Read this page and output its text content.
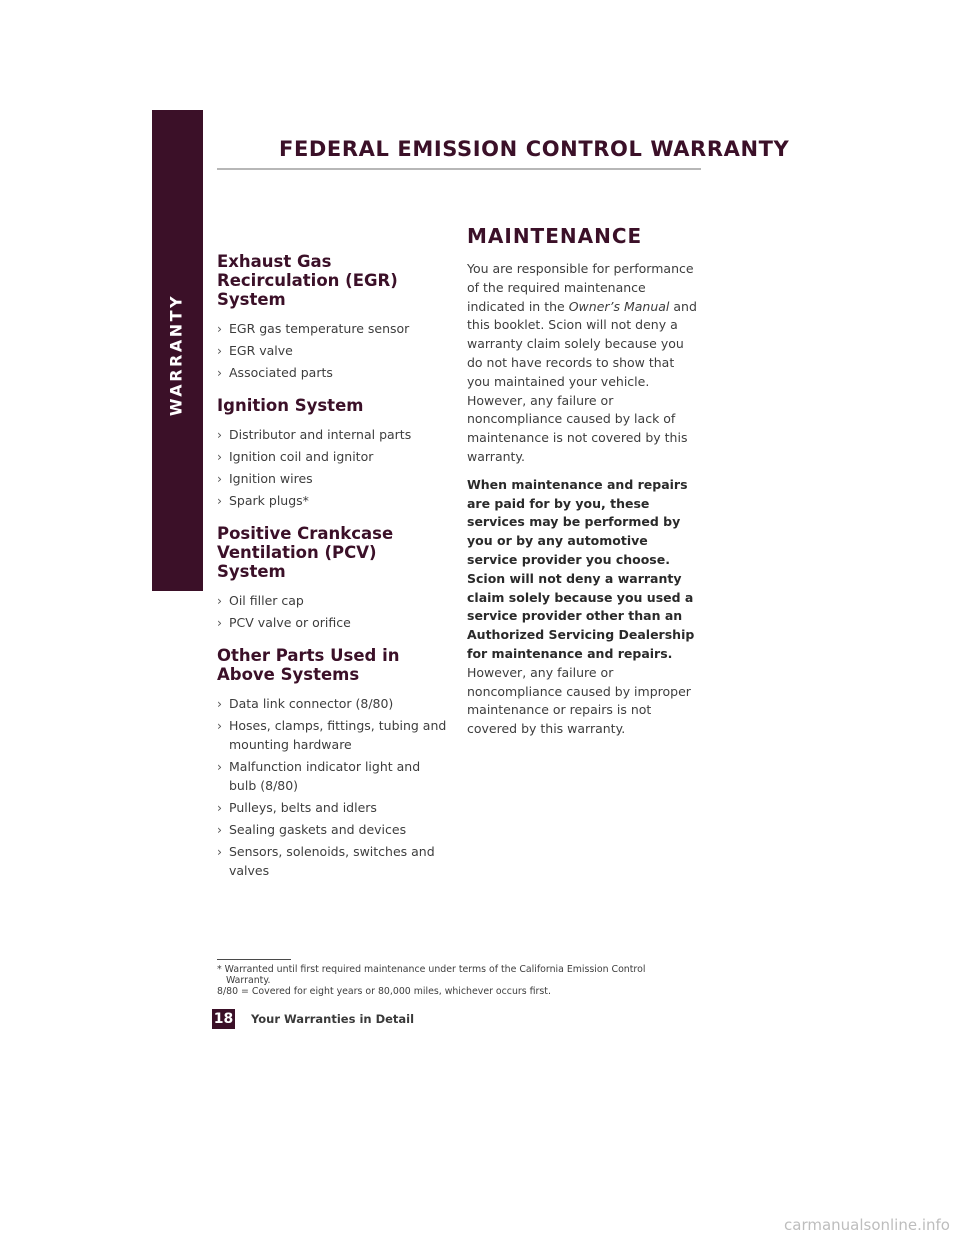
WARRANTY
FEDERAL EMISSION CONTROL WARRANTY
Exhaust Gas Recirculation (EGR) System
› EGR gas temperature sensor
› EGR valve
› Associated parts
Ignition System
› Distributor and internal parts
› Ignition coil and ignitor
› Ignition wires
› Spark plugs*
Positive Crankcase Ventilation (PCV) System
› Oil filler cap
› PCV valve or orifice
Other Parts Used in Above Systems
› Data link connector (8/80)
› Hoses, clamps, fittings, tubing and mounting hardware
› Malfunction indicator light and bulb (8/80)
› Pulleys, belts and idlers
› Sealing gaskets and devices
› Sensors, solenoids, switches and valves
MAINTENANCE

You are responsible for performance of the required maintenance indicated in the Owner’s Manual and this booklet. Scion will not deny a warranty claim solely because you do not have records to show that you maintained your vehicle. However, any failure or noncompliance caused by lack of maintenance is not covered by this warranty.

When maintenance and repairs are paid for by you, these services may be performed by you or by any automotive service provider you choose. Scion will not deny a warranty claim solely because you used a service provider other than an Authorized Servicing Dealership for maintenance and repairs. However, any failure or noncompliance caused by improper maintenance or repairs is not covered by this warranty.

* Warranted until first required maintenance under terms of the California Emission Control
Warranty.
8/80 = Covered for eight years or 80,000 miles, whichever occurs first.
18 Your Warranties in Detail
carmanualsonline.info
